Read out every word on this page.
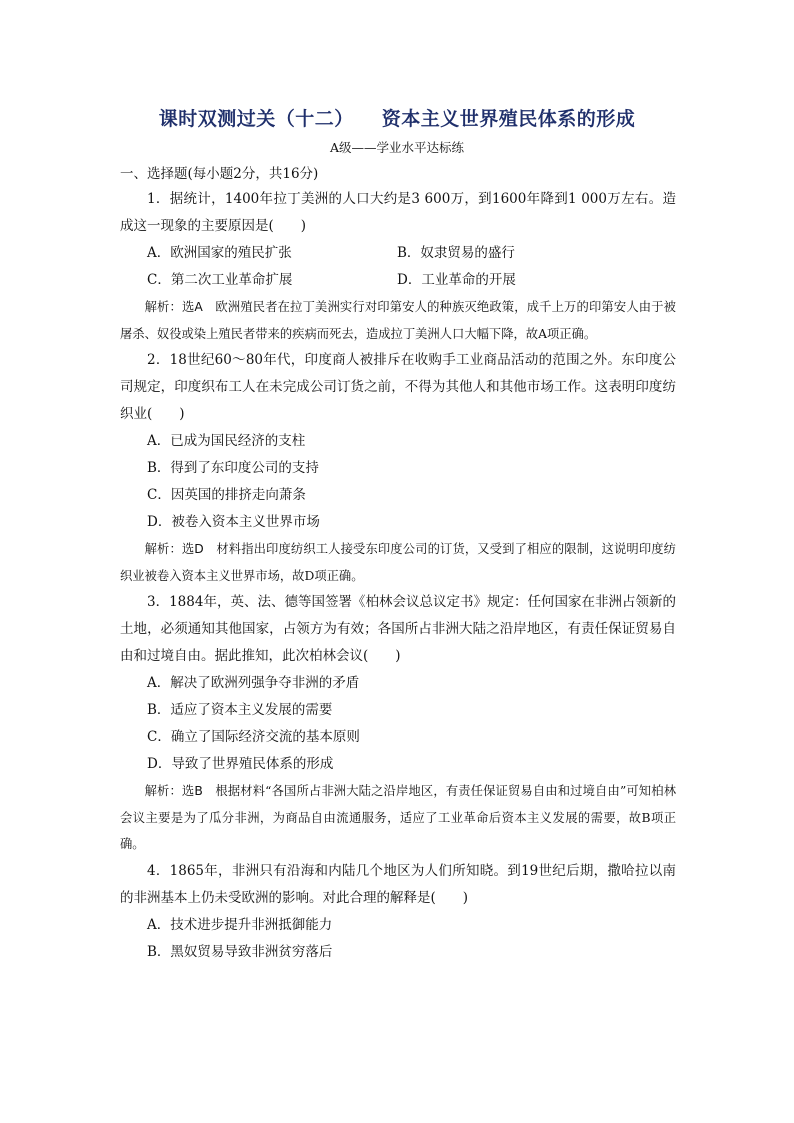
课时双测过关（十二） 资本主义世界殖民体系的形成
A级——学业水平达标练
一、选择题(每小题2分，共16分)

1．据统计，1400年拉丁美洲的人口大约是3 600万，到1600年降到1 000万左右。造成这一现象的主要原因是(　　)

A．欧洲国家的殖民扩张	B．奴隶贸易的盛行
C．第二次工业革命扩展	D．工业革命的开展

解析：选A　 欧洲殖民者在拉丁美洲实行对印第安人的种族灭绝政策，成千上万的印第安人由于被屠杀、奴役或染上殖民者带来的疾病而死去，造成拉丁美洲人口大幅下降，故A项正确。

2．18世纪60～80年代，印度商人被排斥在收购手工业商品活动的范围之外。东印度公司规定，印度织布工人在未完成公司订货之前，不得为其他人和其他市场工作。这表明印度纺织业(　　)

A．已成为国民经济的支柱

B．得到了东印度公司的支持

C．因英国的排挤走向萧条

D．被卷入资本主义世界市场

解析：选D　 材料指出印度纺织工人接受东印度公司的订货，又受到了相应的限制，这说明印度纺织业被卷入资本主义世界市场，故D项正确。

3．1884年，英、法、德等国签署《柏林会议总议定书》规定：任何国家在非洲占领新的土地，必须通知其他国家，占领方为有效；各国所占非洲大陆之沿岸地区，有责任保证贸易自由和过境自由。据此推知，此次柏林会议(　　)

A．解决了欧洲列强争夺非洲的矛盾

B．适应了资本主义发展的需要

C．确立了国际经济交流的基本原则

D．导致了世界殖民体系的形成

解析：选B　 根据材料“各国所占非洲大陆之沿岸地区，有责任保证贸易自由和过境自由”可知柏林会议主要是为了瓜分非洲，为商品自由流通服务，适应了工业革命后资本主义发展的需要，故B项正确。

4．1865年，非洲只有沿海和内陆几个地区为人们所知晓。到19世纪后期，撒哈拉以南的非洲基本上仍未受欧洲的影响。对此合理的解释是(　　)

A．技术进步提升非洲抵御能力

B．黑奴贸易导致非洲贫穷落后
